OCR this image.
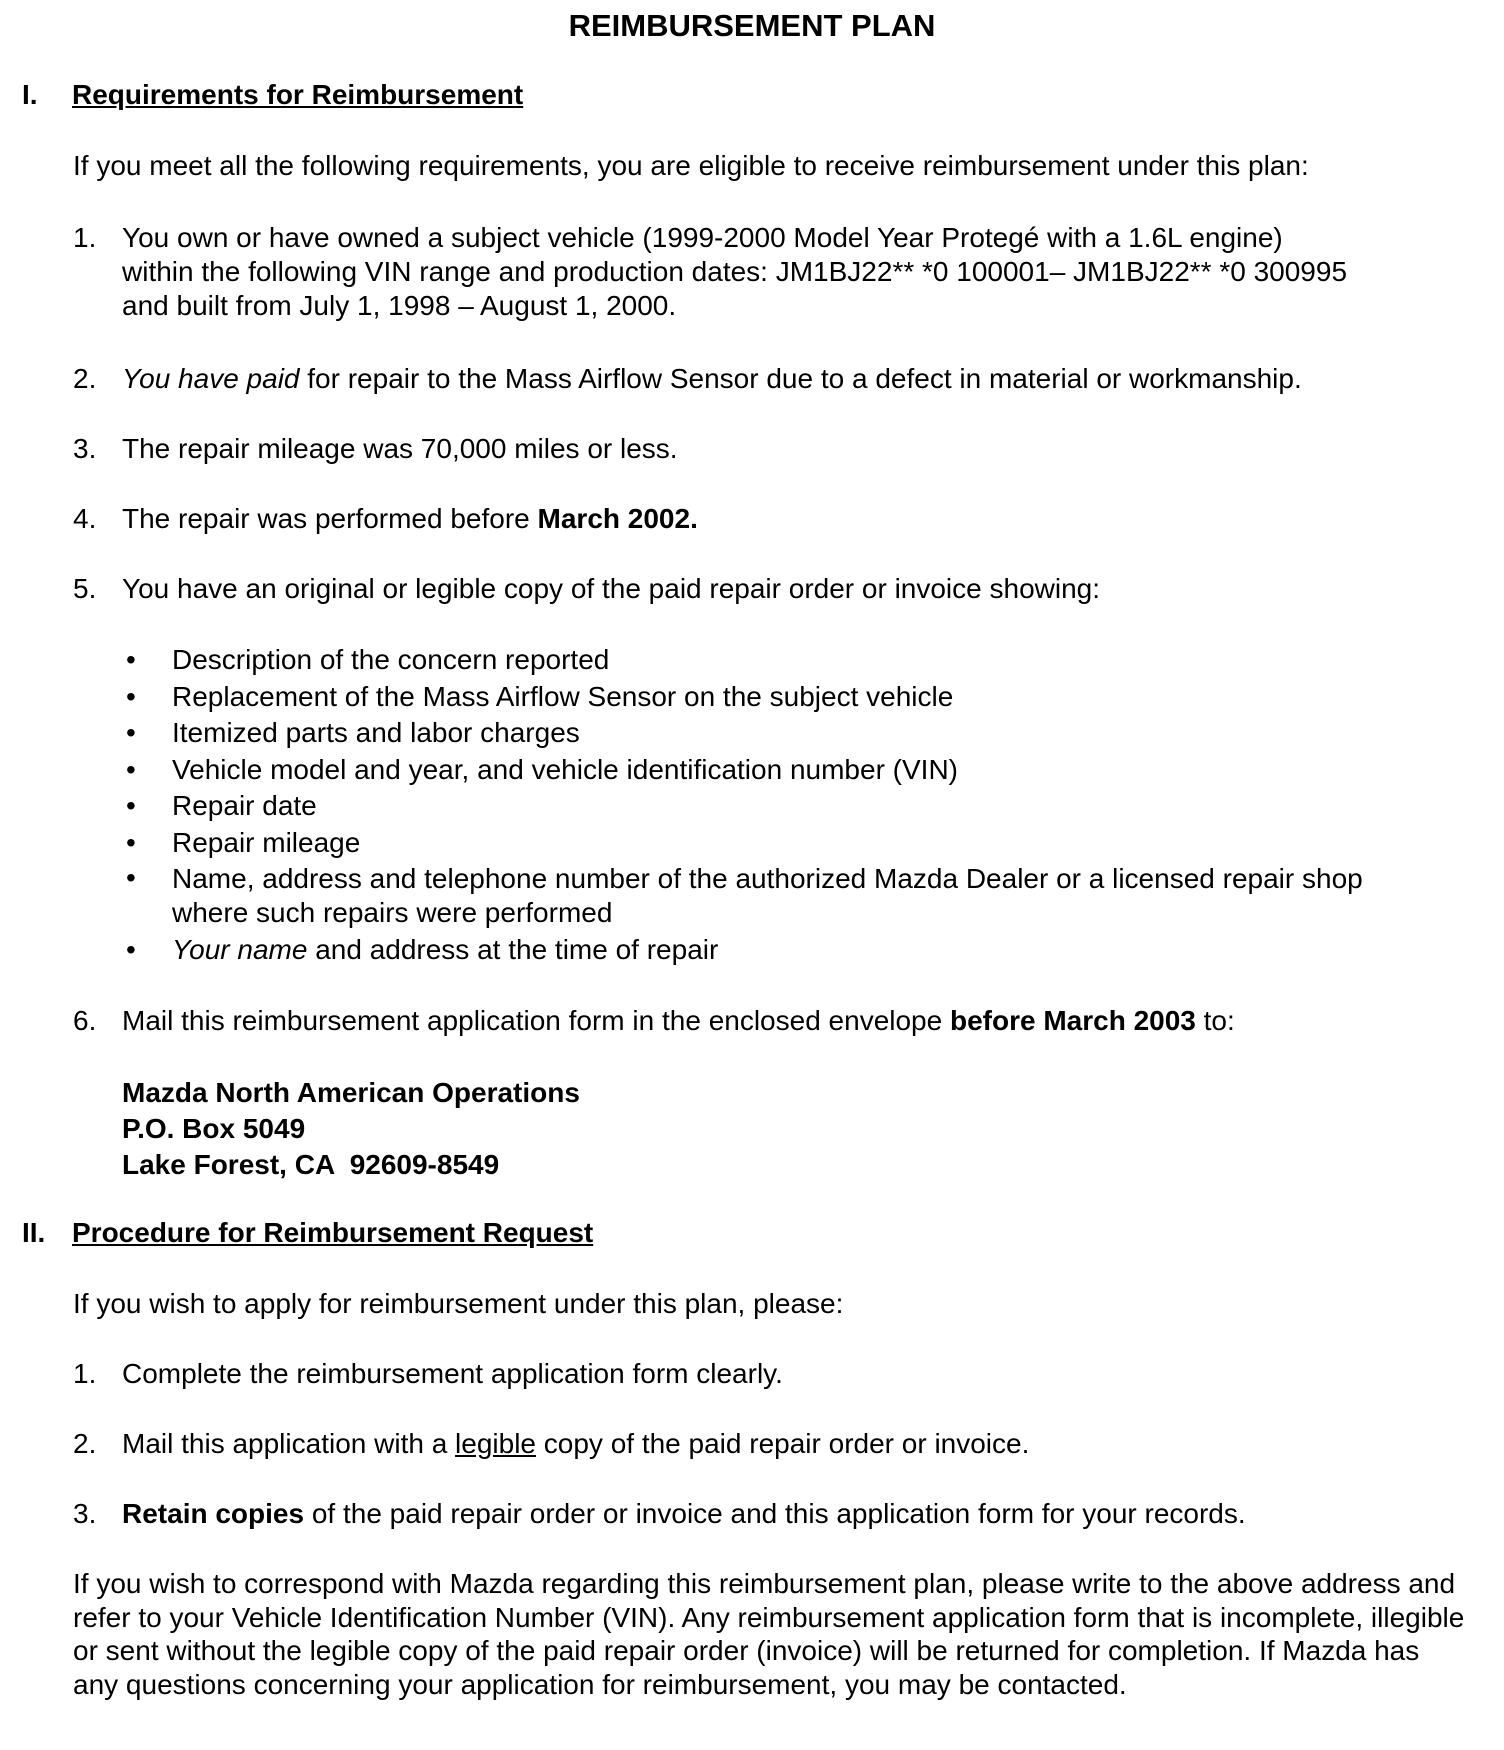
REIMBURSEMENT PLAN
I. Requirements for Reimbursement
If you meet all the following requirements, you are eligible to receive reimbursement under this plan:
1. You own or have owned a subject vehicle (1999-2000 Model Year Protegé with a 1.6L engine)
within the following VIN range and production dates: JM1BJ22** *0 100001– JM1BJ22** *0 300995
and built from July 1, 1998 – August 1, 2000.
2. You have paid for repair to the Mass Airflow Sensor due to a defect in material or workmanship.
3. The repair mileage was 70,000 miles or less.
4. The repair was performed before March 2002.
5. You have an original or legible copy of the paid repair order or invoice showing:
• Description of the concern reported
• Replacement of the Mass Airflow Sensor on the subject vehicle
• Itemized parts and labor charges
• Vehicle model and year, and vehicle identification number (VIN)
• Repair date
• Repair mileage
• Name, address and telephone number of the authorized Mazda Dealer or a licensed repair shop where such repairs were performed
• Your name and address at the time of repair
6. Mail this reimbursement application form in the enclosed envelope before March 2003 to:
Mazda North American Operations
P.O. Box 5049
Lake Forest, CA  92609-8549
II. Procedure for Reimbursement Request
If you wish to apply for reimbursement under this plan, please:
1. Complete the reimbursement application form clearly.
2. Mail this application with a legible copy of the paid repair order or invoice.
3. Retain copies of the paid repair order or invoice and this application form for your records.
If you wish to correspond with Mazda regarding this reimbursement plan, please write to the above address and refer to your Vehicle Identification Number (VIN). Any reimbursement application form that is incomplete, illegible or sent without the legible copy of the paid repair order (invoice) will be returned for completion. If Mazda has any questions concerning your application for reimbursement, you may be contacted.
